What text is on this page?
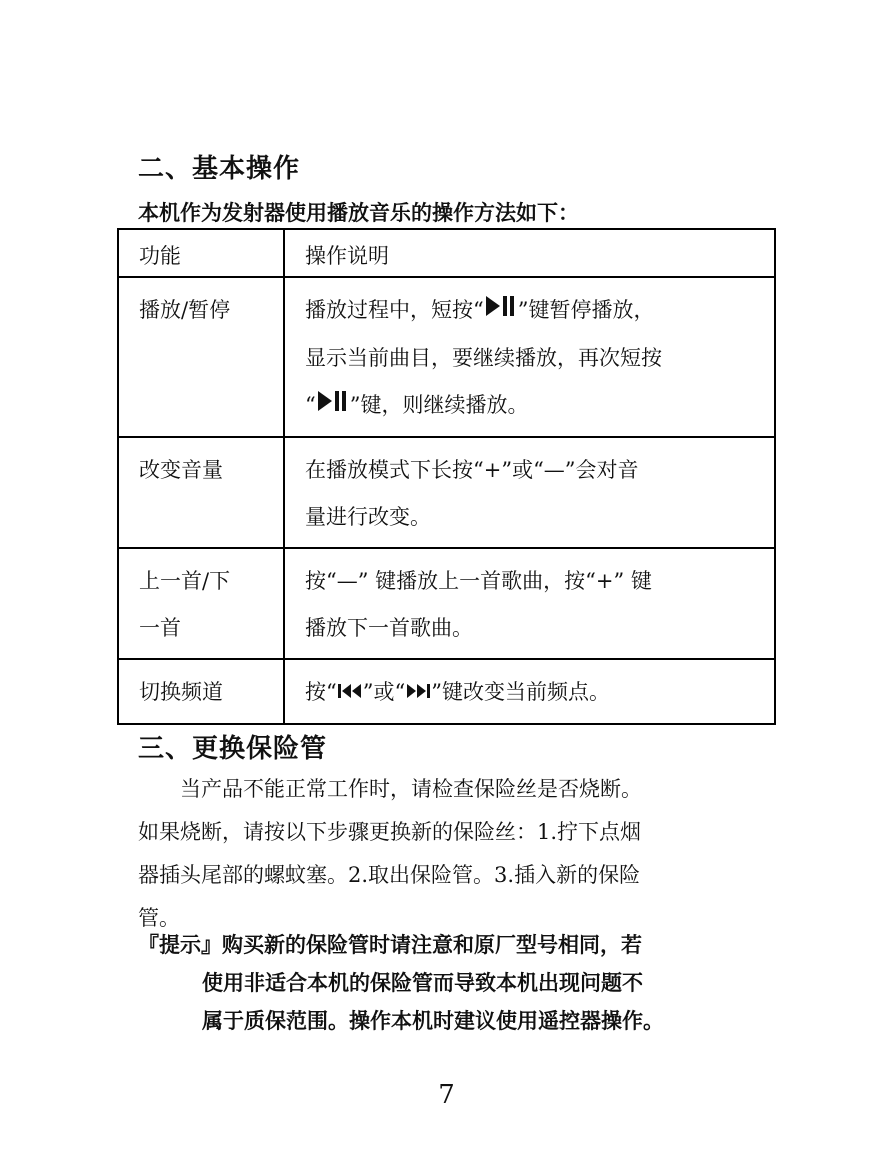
二、基本操作
本机作为发射器使用播放音乐的操作方法如下：
功能	操作说明

播放/暂停	播放过程中，短按“ ”键暂停播放，
显示当前曲目，要继续播放，再次短按
“ ”键，则继续播放。

改变音量	在播放模式下长按“+”或“—”会对音
量进行改变。

上一首/下
一首	按“—” 键播放上一首歌曲，按“+” 键
播放下一首歌曲。

切换频道	按“ ”或“ ”键改变当前频点。
三、更换保险管
　　当产品不能正常工作时，请检查保险丝是否烧断。
如果烧断，请按以下步骤更换新的保险丝：1.拧下点烟
器插头尾部的螺蚊塞。2.取出保险管。3.插入新的保险
管。
『提示』购买新的保险管时请注意和原厂型号相同，若
使用非适合本机的保险管而导致本机出现问题不
属于质保范围。操作本机时建议使用遥控器操作。
7
